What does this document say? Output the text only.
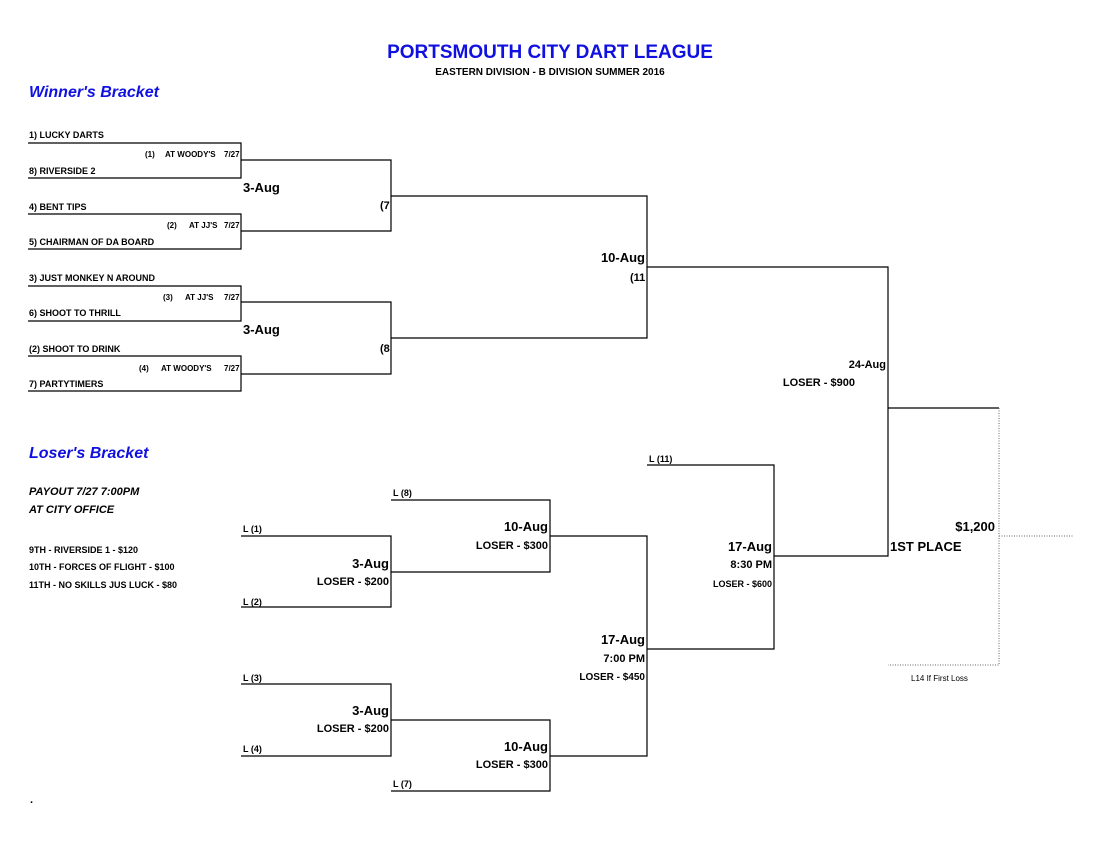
PORTSMOUTH CITY DART LEAGUE
EASTERN DIVISION - B DIVISION SUMMER 2016
Winner's Bracket
1) LUCKY DARTS
(1) AT WOODY'S 7/27
8) RIVERSIDE 2
4) BENT TIPS
(2) AT JJ'S 7/27
5) CHAIRMAN OF DA BOARD
3) JUST MONKEY N AROUND
(3) AT JJ'S 7/27
6) SHOOT TO THRILL
(2) SHOOT TO DRINK
(4) AT WOODY'S 7/27
7) PARTYTIMERS
3-Aug
(7
3-Aug
(8
10-Aug
(11
24-Aug
LOSER - $900
Loser's Bracket
PAYOUT 7/27 7:00PM
AT CITY OFFICE
9TH - RIVERSIDE 1 - $120
10TH - FORCES OF FLIGHT - $100
11TH - NO SKILLS JUS LUCK - $80
L (1)
L (2)
L (3)
L (4)
L (8)
L (7)
L (11)
3-Aug
LOSER - $200
3-Aug
LOSER - $200
10-Aug
LOSER - $300
10-Aug
LOSER - $300
17-Aug
7:00 PM
LOSER - $450
17-Aug
8:30 PM
LOSER - $600
$1,200
1ST PLACE
L14 If First Loss
.
